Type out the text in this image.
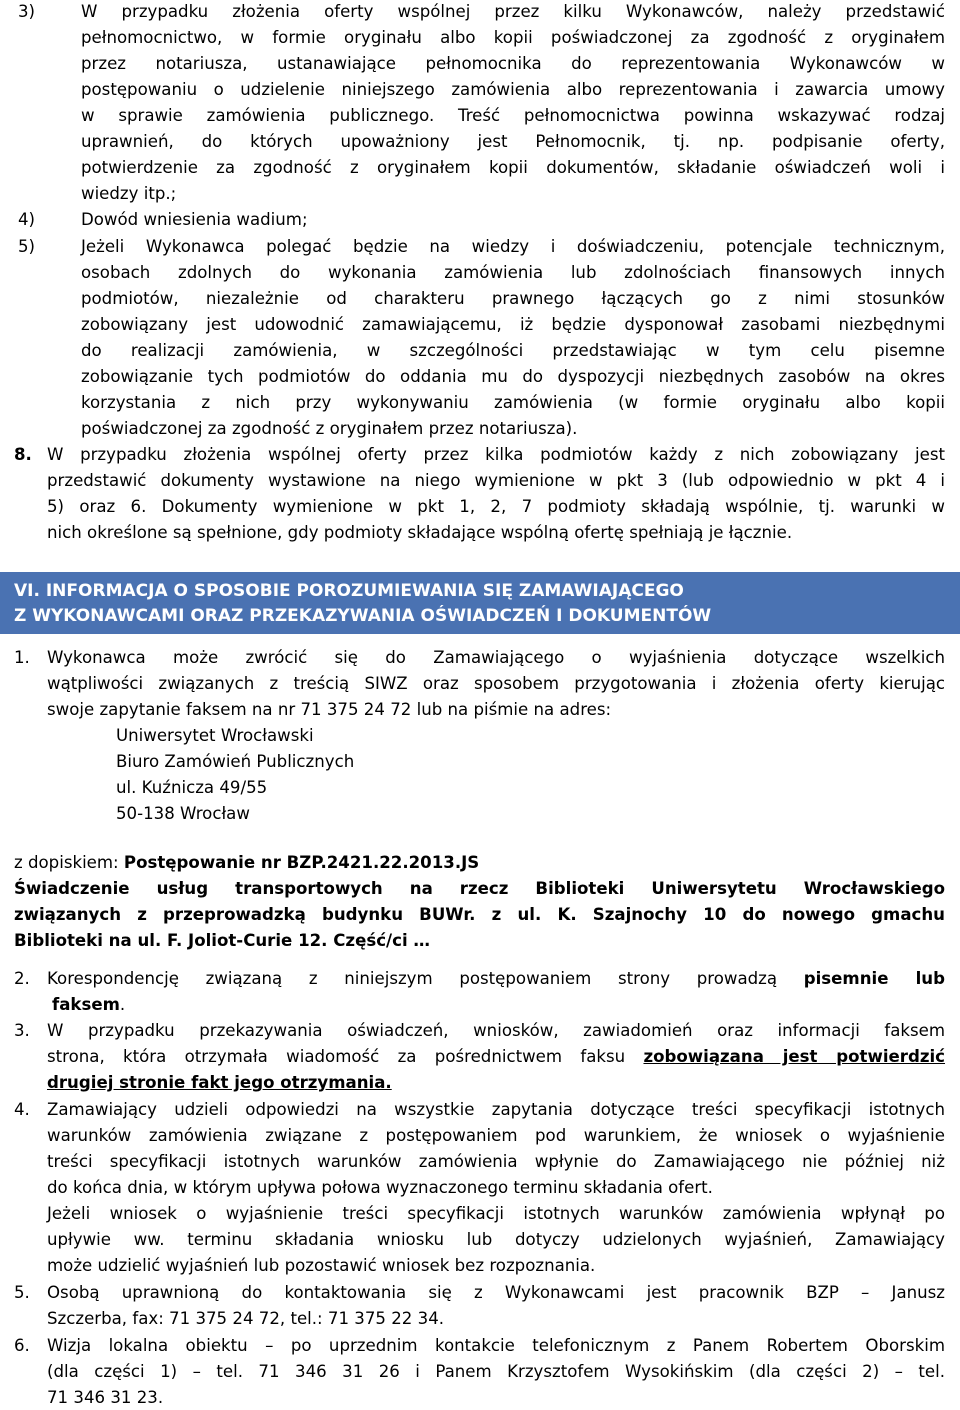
3)	W przypadku złożenia oferty wspólnej przez kilku Wykonawców, należy przedstawić
pełnomocnictwo, w formie oryginału albo kopii poświadczonej za zgodność z oryginałem
przez notariusza, ustanawiające pełnomocnika do reprezentowania Wykonawców w
postępowaniu o udzielenie niniejszego zamówienia albo reprezentowania i zawarcia umowy
w sprawie zamówienia publicznego. Treść pełnomocnictwa powinna wskazywać rodzaj
uprawnień, do których upoważniony jest Pełnomocnik, tj. np. podpisanie oferty,
potwierdzenie za zgodność z oryginałem kopii dokumentów, składanie oświadczeń woli i
wiedzy itp.;
4)	Dowód wniesienia wadium;
5)	Jeżeli Wykonawca polegać będzie na wiedzy i doświadczeniu, potencjale technicznym,
osobach zdolnych do wykonania zamówienia lub zdolnościach finansowych innych
podmiotów, niezależnie od charakteru prawnego łączących go z nimi stosunków
zobowiązany jest udowodnić zamawiającemu, iż będzie dysponował zasobami niezbędnymi
do realizacji zamówienia, w szczególności przedstawiając w tym celu pisemne
zobowiązanie tych podmiotów do oddania mu do dyspozycji niezbędnych zasobów na okres
korzystania z nich przy wykonywaniu zamówienia (w formie oryginału albo kopii
poświadczonej za zgodność z oryginałem przez notariusza).
8. W przypadku złożenia wspólnej oferty przez kilka podmiotów każdy z nich zobowiązany jest
przedstawić dokumenty wystawione na niego wymienione w pkt 3 (lub odpowiednio w pkt 4 i
5) oraz 6. Dokumenty wymienione w pkt 1, 2, 7 podmioty składają wspólnie, tj. warunki w
nich określone są spełnione, gdy podmioty składające wspólną ofertę spełniają je łącznie.
VI. INFORMACJA O SPOSOBIE POROZUMIEWANIA SIĘ ZAMAWIAJĄCEGO
Z WYKONAWCAMI ORAZ PRZEKAZYWANIA OŚWIADCZEŃ I DOKUMENTÓW
1. Wykonawca może zwrócić się do Zamawiającego o wyjaśnienia dotyczące wszelkich
wątpliwości związanych z treścią SIWZ oraz sposobem przygotowania i złożenia oferty kierując
swoje zapytanie faksem na nr 71 375 24 72 lub na piśmie na adres:
Uniwersytet Wrocławski
Biuro Zamówień Publicznych
ul. Kuźnicza 49/55
50-138 Wrocław
z dopiskiem: Postępowanie nr BZP.2421.22.2013.JS
Świadczenie usług transportowych na rzecz Biblioteki Uniwersytetu Wrocławskiego
związanych z przeprowadzką budynku BUWr. z ul. K. Szajnochy 10 do nowego gmachu
Biblioteki na ul. F. Joliot-Curie 12. Część/ci …
2. Korespondencję związaną z niniejszym postępowaniem strony prowadzą pisemnie lub
faksem.
3. W przypadku przekazywania oświadczeń, wniosków, zawiadomień oraz informacji faksem
strona, która otrzymała wiadomość za pośrednictwem faksu zobowiązana jest potwierdzić
drugiej stronie fakt jego otrzymania.
4. Zamawiający udzieli odpowiedzi na wszystkie zapytania dotyczące treści specyfikacji istotnych
warunków zamówienia związane z postępowaniem pod warunkiem, że wniosek o wyjaśnienie
treści specyfikacji istotnych warunków zamówienia wpłynie do Zamawiającego nie później niż
do końca dnia, w którym upływa połowa wyznaczonego terminu składania ofert.
Jeżeli wniosek o wyjaśnienie treści specyfikacji istotnych warunków zamówienia wpłynął po
upływie ww. terminu składania wniosku lub dotyczy udzielonych wyjaśnień, Zamawiający
może udzielić wyjaśnień lub pozostawić wniosek bez rozpoznania.
5. Osobą uprawnioną do kontaktowania się z Wykonawcami jest pracownik BZP – Janusz
Szczerba, fax: 71 375 24 72, tel.: 71 375 22 34.
6. Wizja lokalna obiektu – po uprzednim kontakcie telefonicznym z Panem Robertem Oborskim
(dla części 1) – tel. 71 346 31 26 i Panem Krzysztofem Wysokińskim (dla części 2) – tel.
71 346 31 23.
